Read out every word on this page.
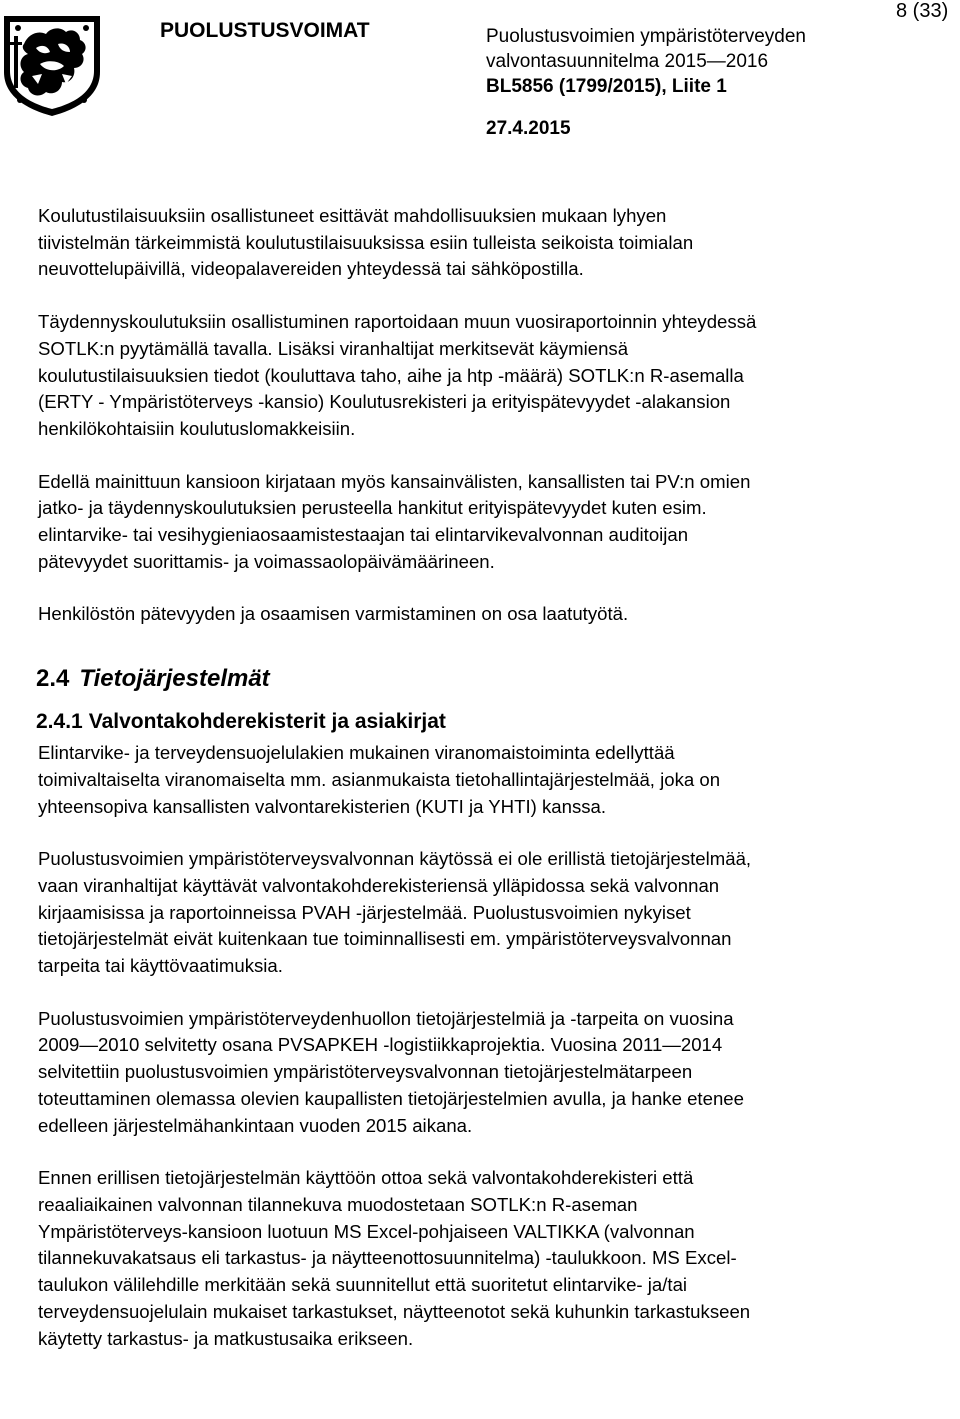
PUOLUSTUSVOIMAT	Puolustusvoimien ympäristöterveyden
valvontasuunnitelma 2015—2016
BL5856 (1799/2015), Liite 1
8 (33)
27.4.2015

Koulutustilaisuuksiin osallistuneet esittävät mahdollisuuksien mukaan lyhyen
tiivistelmän tärkeimmistä koulutustilaisuuksissa esiin tulleista seikoista toimialan
neuvottelupäivillä, videopalavereiden yhteydessä tai sähköpostilla.

Täydennyskoulutuksiin osallistuminen raportoidaan muun vuosiraportoinnin yhteydessä
SOTLK:n pyytämällä tavalla. Lisäksi viranhaltijat merkitsevät käymiensä
koulutustilaisuuksien tiedot (kouluttava taho, aihe ja htp -määrä) SOTLK:n R-asemalla
(ERTY - Ympäristöterveys -kansio) Koulutusrekisteri ja erityispätevyydet -alakansion
henkilökohtaisiin koulutuslomakkeisiin.

Edellä mainittuun kansioon kirjataan myös kansainvälisten, kansallisten tai PV:n omien
jatko- ja täydennyskoulutuksien perusteella hankitut erityispätevyydet kuten esim.
elintarvike- tai vesihygieniaosaamistestaajan tai elintarvikevalvonnan auditoijan
pätevyydet suorittamis- ja voimassaolopäivämäärineen.

Henkilöstön pätevyyden ja osaamisen varmistaminen on osa laatutyötä.

2.4 Tietojärjestelmät
2.4.1 Valvontakohderekisterit ja asiakirjat

Elintarvike- ja terveydensuojelulakien mukainen viranomaistoiminta edellyttää
toimivaltaiselta viranomaiselta mm. asianmukaista tietohallintajärjestelmää, joka on
yhteensopiva kansallisten valvontarekisterien (KUTI ja YHTI) kanssa.

Puolustusvoimien ympäristöterveysvalvonnan käytössä ei ole erillistä tietojärjestelmää,
vaan viranhaltijat käyttävät valvontakohderekisteriensä ylläpidossa sekä valvonnan
kirjaamisissa ja raportoinneissa PVAH -järjestelmää. Puolustusvoimien nykyiset
tietojärjestelmät eivät kuitenkaan tue toiminnallisesti em. ympäristöterveysvalvonnan
tarpeita tai käyttövaatimuksia.

Puolustusvoimien ympäristöterveydenhuollon tietojärjestelmiä ja -tarpeita on vuosina
2009—2010 selvitetty osana PVSAPKEH -logistiikkaprojektia. Vuosina 2011—2014
selvitettiin puolustusvoimien ympäristöterveysvalvonnan tietojärjestelmätarpeen
toteuttaminen olemassa olevien kaupallisten tietojärjestelmien avulla, ja hanke etenee
edelleen järjestelmähankintaan vuoden 2015 aikana.

Ennen erillisen tietojärjestelmän käyttöön ottoa sekä valvontakohderekisteri että
reaaliaikainen valvonnan tilannekuva muodostetaan SOTLK:n R-aseman
Ympäristöterveys-kansioon luotuun MS Excel-pohjaiseen VALTIKKA (valvonnan
tilannekuvakatsaus eli tarkastus- ja näytteenottosuunnitelma) -taulukkoon. MS Excel-
taulukon välilehdille merkitään sekä suunnitellut että suoritetut elintarvike- ja/tai
terveydensuojelulain mukaiset tarkastukset, näytteenotot sekä kuhunkin tarkastukseen
käytetty tarkastus- ja matkustusaika erikseen.
